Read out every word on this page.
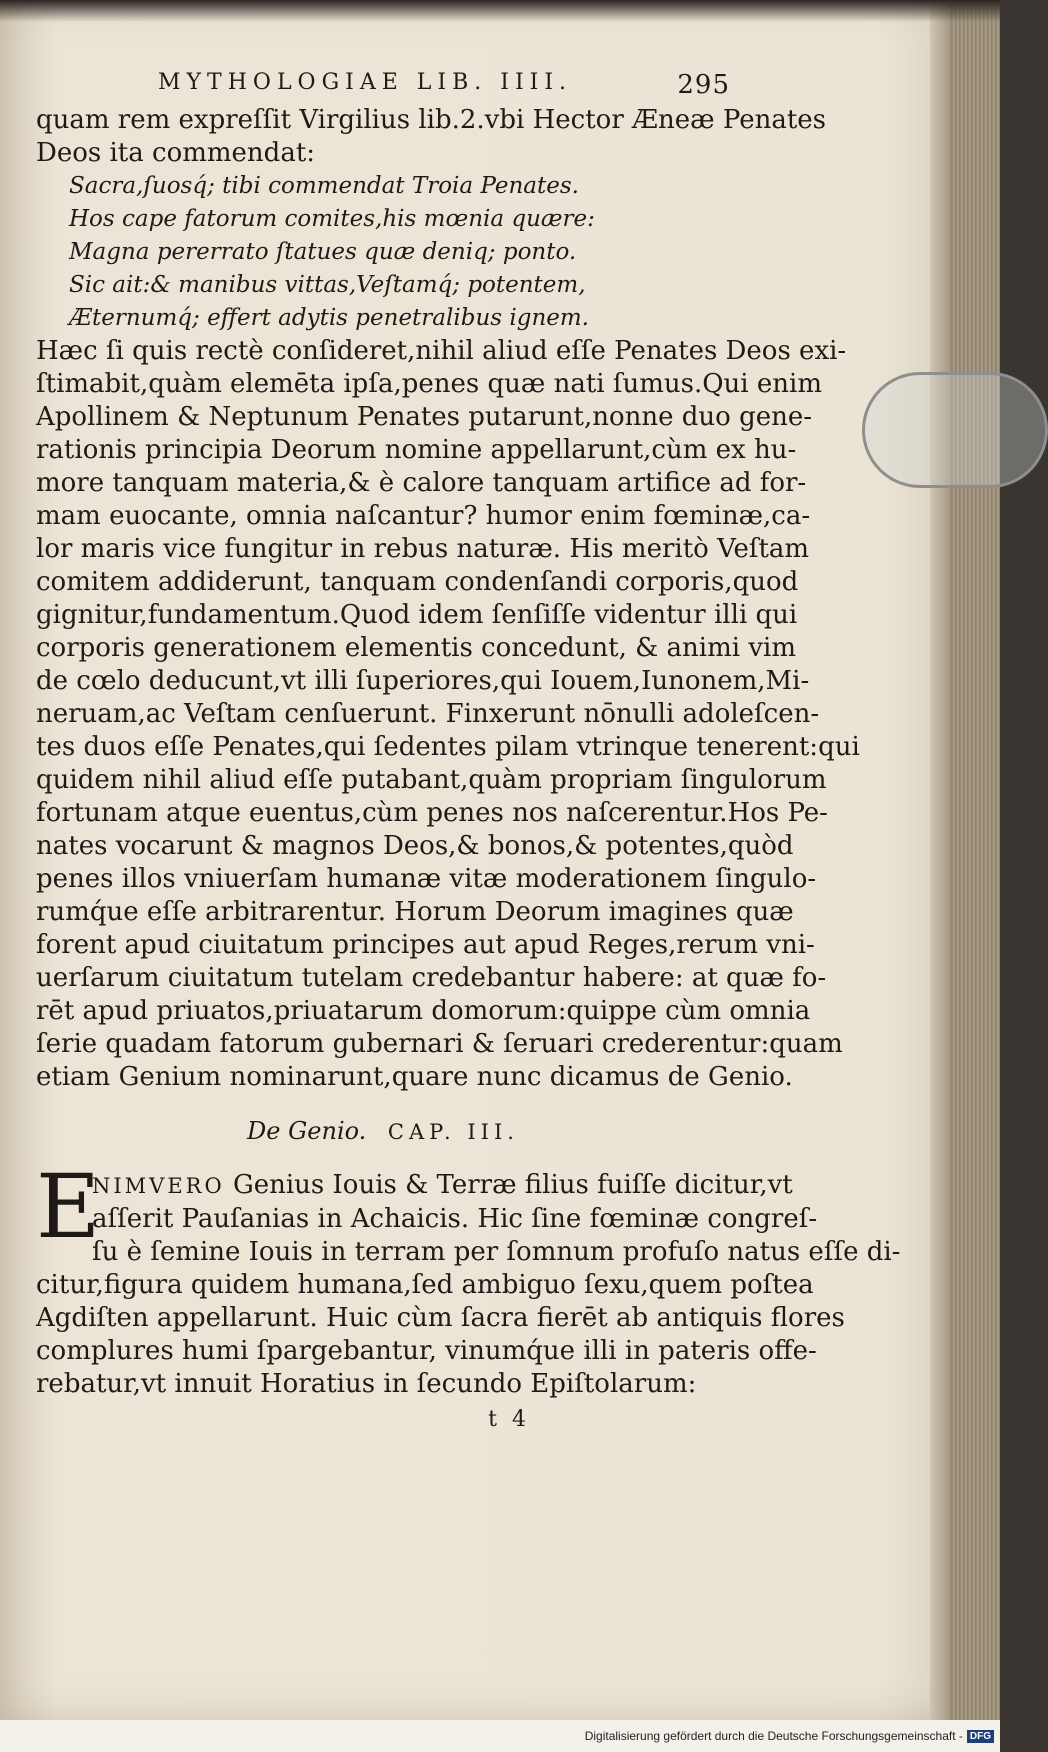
MYTHOLOGIAE LIB. IIII.	295
quam rem expreſſit Virgilius lib.2.vbi Hector Æneæ Penates
Deos ita commendat:
Sacra,ſuosq́; tibi commendat Troia Penates.
Hos cape fatorum comites,his mœnia quære:
Magna pererrato ſtatues quæ deniq; ponto.
Sic ait:& manibus vittas,Veſtamq́; potentem,
Æternumq́; effert adytis penetralibus ignem.
Hæc ſi quis rectè conſideret,nihil aliud eſſe Penates Deos exi-
ſtimabit,quàm elemēta ipſa,penes quæ nati ſumus.Qui enim
Apollinem & Neptunum Penates putarunt,nonne duo gene-
rationis principia Deorum nomine appellarunt,cùm ex hu-
more tanquam materia,& è calore tanquam artifice ad for-
mam euocante, omnia naſcantur? humor enim fœminæ,ca-
lor maris vice fungitur in rebus naturæ. His meritò Veſtam
comitem addiderunt, tanquam condenſandi corporis,quod
gignitur,fundamentum.Quod idem ſenſiſſe videntur illi qui
corporis generationem elementis concedunt, & animi vim
de cœlo deducunt,vt illi ſuperiores,qui Iouem,Iunonem,Mi-
neruam,ac Veſtam cenſuerunt. Finxerunt nōnulli adoleſcen-
tes duos eſſe Penates,qui ſedentes pilam vtrinque tenerent:qui
quidem nihil aliud eſſe putabant,quàm propriam ſingulorum
fortunam atque euentus,cùm penes nos naſcerentur.Hos Pe-
nates vocarunt & magnos Deos,& bonos,& potentes,quòd
penes illos vniuerſam humanæ vitæ moderationem ſingulo-
rumq́ue eſſe arbitrarentur. Horum Deorum imagines quæ
forent apud ciuitatum principes aut apud Reges,rerum vni-
uerſarum ciuitatum tutelam credebantur habere: at quæ fo-
rēt apud priuatos,priuatarum domorum:quippe cùm omnia
ſerie quadam fatorum gubernari & ſeruari crederentur:quam
etiam Genium nominarunt,quare nunc dicamus de Genio.
De Genio. CAP. III.
E
NIMVERO Genius Iouis & Terræ filius fuiſſe dicitur,vt
aſſerit Pauſanias in Achaicis. Hic ſine fœminæ congreſ-
ſu è ſemine Iouis in terram per ſomnum profuſo natus eſſe di-
citur,figura quidem humana,ſed ambiguo ſexu,quem poſtea
Agdiſten appellarunt. Huic cùm ſacra fierēt ab antiquis flores
complures humi ſpargebantur, vinumq́ue illi in pateris offe-
rebatur,vt innuit Horatius in ſecundo Epiſtolarum:
t 4
Digitalisierung gefördert durch die Deutsche Forschungsgemeinschaft - DFG
